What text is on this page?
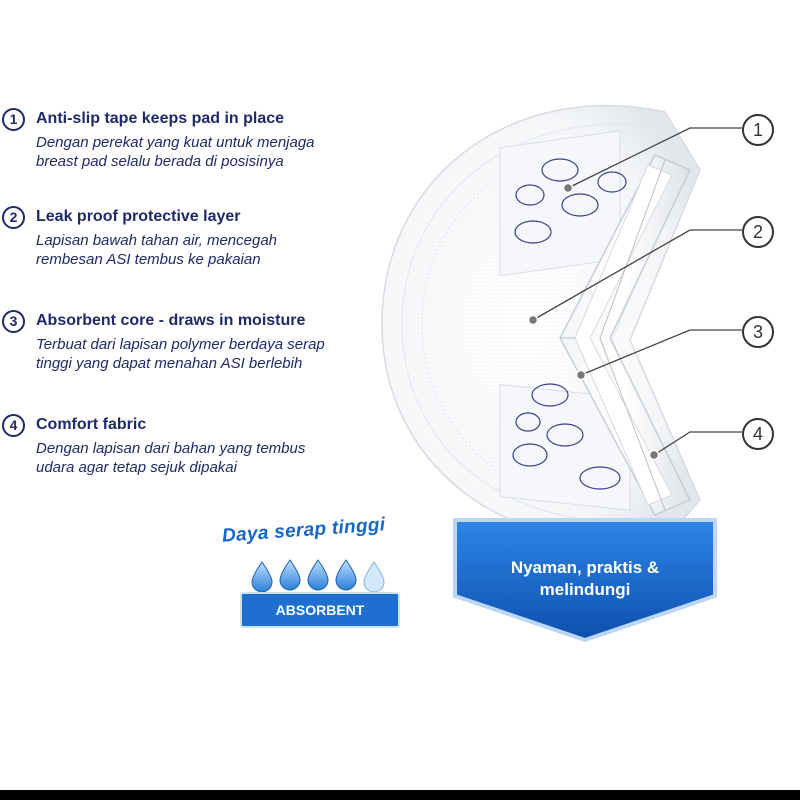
1	Anti-slip tape keeps pad in place
Dengan perekat yang kuat untuk menjaga breast pad selalu berada di posisinya
2	Leak proof protective layer
Lapisan bawah tahan air, mencegah rembesan ASI tembus ke pakaian
3	Absorbent core - draws in moisture
Terbuat dari lapisan polymer berdaya serap tinggi yang dapat menahan ASI berlebih
4	Comfort fabric
Dengan lapisan dari bahan yang tembus udara agar tetap sejuk dipakai
1
2
3
4
Daya serap tinggi
ABSORBENT
Nyaman, praktis &
melindungi
